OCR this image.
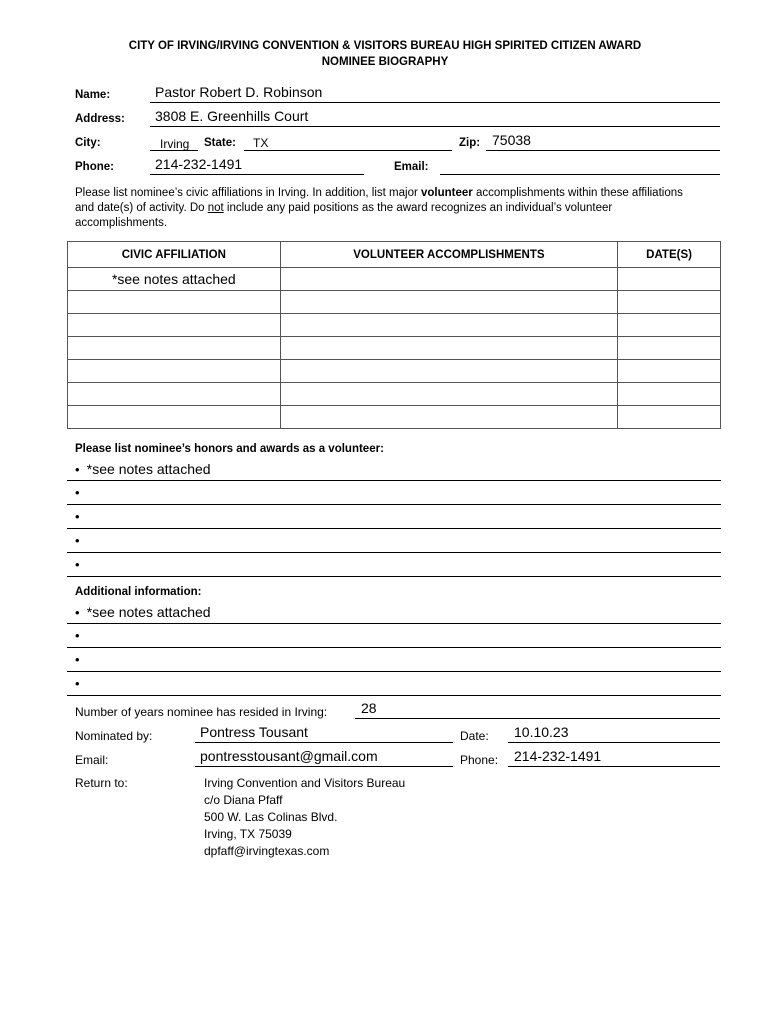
CITY OF IRVING/IRVING CONVENTION & VISITORS BUREAU HIGH SPIRITED CITIZEN AWARD
NOMINEE BIOGRAPHY
Name:	Pastor Robert D. Robinson
Address: 3808 E. Greenhills Court
City:	Irving State: TX	Zip: 75038
Phone:	214-232-1491	Email:
Please list nominee’s civic affiliations in Irving. In addition, list major volunteer accomplishments within these affiliations and date(s) of activity. Do not include any paid positions as the award recognizes an individual’s volunteer accomplishments.
CIVIC AFFILIATION	VOLUNTEER ACCOMPLISHMENTS	DATE(S)
*see notes attached		

Please list nominee’s honors and awards as a volunteer:
• *see notes attached
•
•
•
•
Additional information:
• *see notes attached
•
•
•
Number of years nominee has resided in Irving: 28
Nominated by:	Pontress Tousant	Date: 10.10.23
Email:	pontresstousant@gmail.com	Phone: 214-232-1491
Return to:	Irving Convention and Visitors Bureau
c/o Diana Pfaff
500 W. Las Colinas Blvd.
Irving, TX 75039
dpfaff@irvingtexas.com
